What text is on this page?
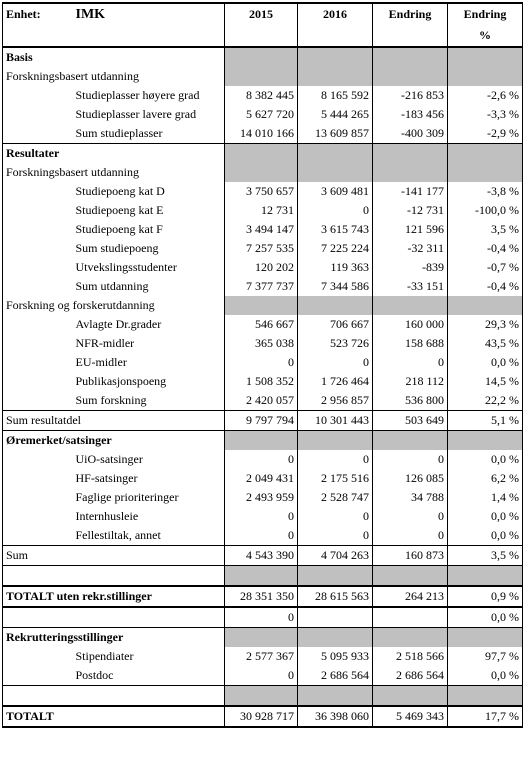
Enhet:	IMK	2015	2016	Endring	Endring
					%
Basis					
Forskningsbasert utdanning					
	Studieplasser høyere grad	8 382 445	8 165 592	-216 853	-2,6 %
	Studieplasser lavere grad	5 627 720	5 444 265	-183 456	-3,3 %
	Sum studieplasser	14 010 166	13 609 857	-400 309	-2,9 %
Resultater					
Forskningsbasert utdanning					
	Studiepoeng kat D	3 750 657	3 609 481	-141 177	-3,8 %
	Studiepoeng kat E	12 731	0	-12 731	-100,0 %
	Studiepoeng kat F	3 494 147	3 615 743	121 596	3,5 %
	Sum studiepoeng	7 257 535	7 225 224	-32 311	-0,4 %
	Utvekslingsstudenter	120 202	119 363	-839	-0,7 %
	Sum utdanning	7 377 737	7 344 586	-33 151	-0,4 %
Forskning og forskerutdanning					
	Avlagte Dr.grader	546 667	706 667	160 000	29,3 %
	NFR-midler	365 038	523 726	158 688	43,5 %
	EU-midler	0	0	0	0,0 %
	Publikasjonspoeng	1 508 352	1 726 464	218 112	14,5 %
	Sum forskning	2 420 057	2 956 857	536 800	22,2 %
Sum resultatdel		9 797 794	10 301 443	503 649	5,1 %
Øremerket/satsinger					
	UiO-satsinger	0	0	0	0,0 %
	HF-satsinger	2 049 431	2 175 516	126 085	6,2 %
	Faglige prioriteringer	2 493 959	2 528 747	34 788	1,4 %
	Internhusleie	0	0	0	0,0 %
	Fellestiltak, annet	0	0	0	0,0 %
Sum		4 543 390	4 704 263	160 873	3,5 %

TOTALT uten rekr.stillinger		28 351 350	28 615 563	264 213	0,9 %
		0			0,0 %
Rekrutteringsstillinger					
	Stipendiater	2 577 367	5 095 933	2 518 566	97,7 %
	Postdoc	0	2 686 564	2 686 564	0,0 %

TOTALT		30 928 717	36 398 060	5 469 343	17,7 %
